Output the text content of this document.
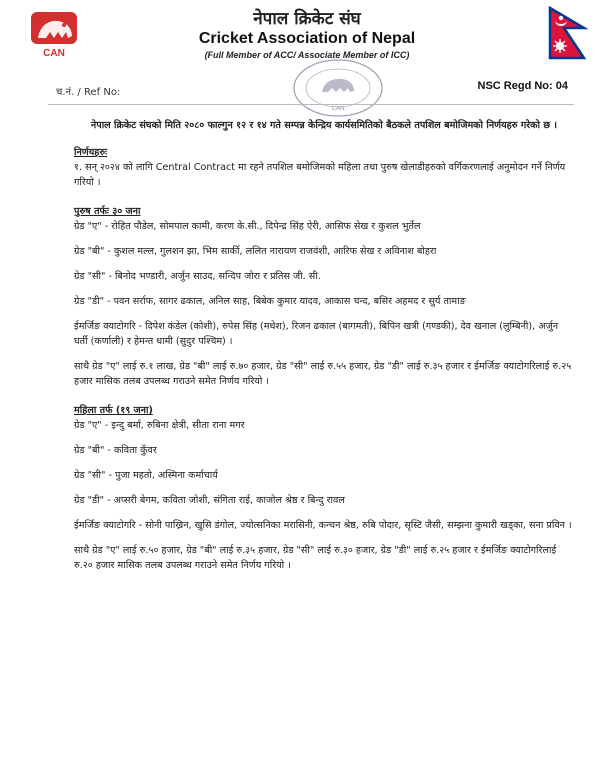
CAN
नेपाल क्रिकेट संघ
Cricket Association of Nepal
(Full Member of ACC/ Associate Member of ICC)
CAN
च.नं. / Ref No:
NSC Regd No: 04

नेपाल क्रिकेट संघको मिति २०८० फाल्गुन १२ र १४ गते सम्पन्न केन्द्रिय कार्यसमितिको बैठकले तपशिल बमोजिमको निर्णयहरु गरेको छ ।

निर्णयहरुः

१. सन् २०२४ को लागि Central Contract मा रहने तपशिल बमोजिमको महिला तथा पुरुष खेलाडीहरुको वर्गिकरणलाई अनुमोदन गर्ने निर्णय गरियो ।

पुरुष तर्फः ३० जना

ग्रेड "ए" - रोहित पौडेल, सोमपाल कामी, करण के.सी., दिपेन्द्र सिंह ऐरी, आसिफ सेख र कुशल भुर्तेल

ग्रेड "बी" - कुशल मल्ल, गुलशन झा, भिम सार्की, ललित नारायण राजवंशी, आरिफ सेख र अविनाश बोहरा

ग्रेड "सी" - बिनोद भण्डारी, अर्जुन साउद, सन्दिप जोरा र प्रतिस जी. सी.

ग्रेड "डी" - पवन सर्राफ, सागर ढकाल, अनिल साह, बिबेक कुमार यादव, आकास चन्द, बसिर अहमद र सुर्य तामाङ

ईमर्जिङ क्याटोगरि - दिपेश कंडेल (कोशी), रुपेस सिंह (मधेश), रिजन ढकाल (बागमती), बिपिन खत्री (गण्डकी), देव खनाल (लुम्बिनी), अर्जुन घर्ती (कर्णाली) र हेमन्त धामी (सुदुर पश्चिम) ।

साथै ग्रेड "ए" लाई रु.१ लाख, ग्रेड "बी" लाई रु.७० हजार, ग्रेड "सी" लाई रु.५५ हजार, ग्रेड "डी" लाई रु.३५ हजार र ईमर्जिङ क्याटोगरिलाई रु.२५ हजार मासिक तलब उपलब्ध गराउने समेत निर्णय गरियो ।

महिला तर्फ (१९ जना)

ग्रेड "ए" - इन्दु बर्मा, रुबिना क्षेत्री, सीता राना मगर

ग्रेड "बी" - कविता कुँवर

ग्रेड "सी" - पुजा महतो, अस्मिना कर्माचार्य

ग्रेड "डी" - अप्सरी बेगम, कविता जोशी, संगिता राई, काजोल श्रेष्ठ र बिन्दु रावल

ईमर्जिङ क्याटोगरि - सोनी पाख्रिन, खुसि डंगोल, ज्योत्सनिका मरासिनी, कन्चन श्रेष्ठ, रुबि पोदार, सृस्टि जैसी, सम्झना कुमारी खड्का, सना प्रविन ।

साथै ग्रेड "ए" लाई रु.५० हजार, ग्रेड "बी" लाई रु.३५ हजार, ग्रेड "सी" लाई रु.३० हजार, ग्रेड "डी" लाई रु.२५ हजार र ईमर्जिङ क्याटोगरिलाई रु.२० हजार मासिक तलब उपलब्ध गराउने समेत निर्णय गरियो ।
